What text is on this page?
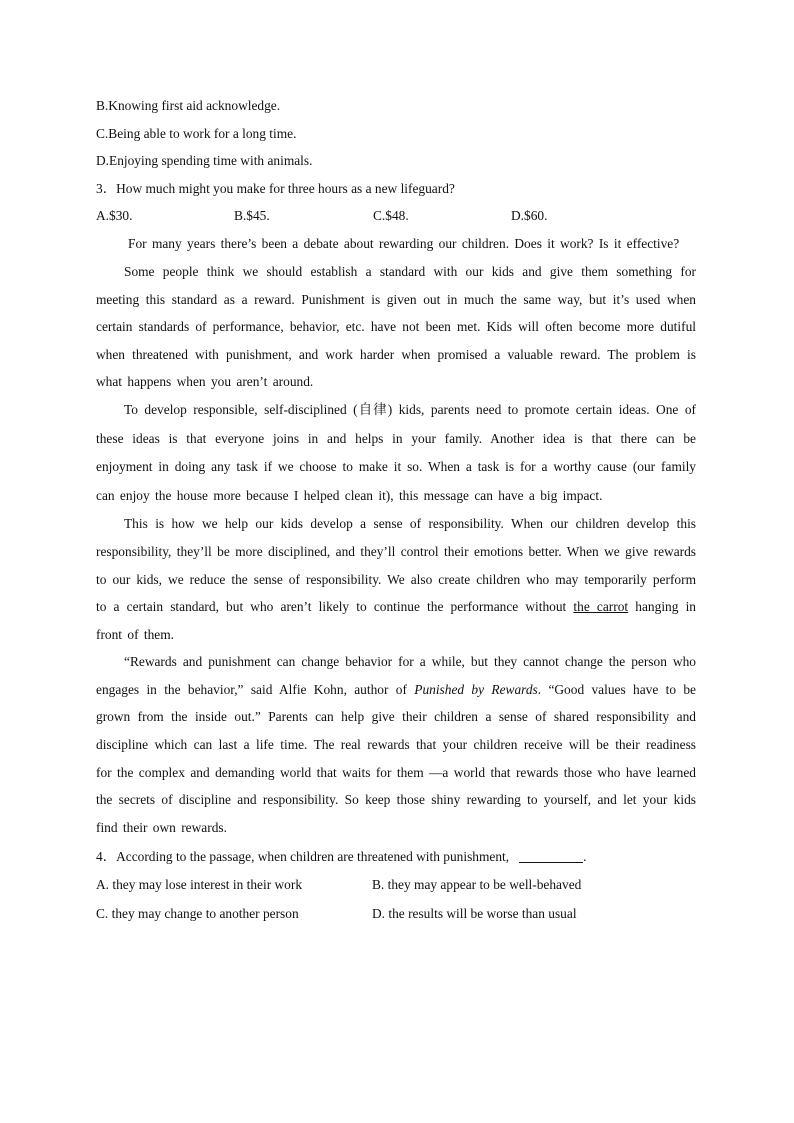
B.Knowing first aid acknowledge.
C.Being able to work for a long time.
D.Enjoying spending time with animals.
3．How much might you make for three hours as a new lifeguard?
A.$30.	B.$45.	C.$48.	D.$60.

For many years there’s been a debate about rewarding our children. Does it work? Is it effective?

Some people think we should establish a standard with our kids and give them something for meeting this standard as a reward. Punishment is given out in much the same way, but it’s used when certain standards of performance, behavior, etc. have not been met. Kids will often become more dutiful when threatened with punishment, and work harder when promised a valuable reward. The problem is what happens when you aren’t around.

To develop responsible, self-disciplined (自律) kids, parents need to promote certain ideas. One of these ideas is that everyone joins in and helps in your family. Another idea is that there can be enjoyment in doing any task if we choose to make it so. When a task is for a worthy cause (our family can enjoy the house more because I helped clean it), this message can have a big impact.

This is how we help our kids develop a sense of responsibility. When our children develop this responsibility, they’ll be more disciplined, and they’ll control their emotions better. When we give rewards to our kids, we reduce the sense of responsibility. We also create children who may temporarily perform to a certain standard, but who aren’t likely to continue the performance without the carrot hanging in front of them.

“Rewards and punishment can change behavior for a while, but they cannot change the person who engages in the behavior,” said Alfie Kohn, author of Punished by Rewards. “Good values have to be grown from the inside out.” Parents can help give their children a sense of shared responsibility and discipline which can last a life time. The real rewards that your children receive will be their readiness for the complex and demanding world that waits for them —a world that rewards those who have learned the secrets of discipline and responsibility. So keep those shiny rewarding to yourself, and let your kids find their own rewards.

4．According to the passage, when children are threatened with punishment,	.
A. they may lose interest in their work	B. they may appear to be well-behaved
C. they may change to another person	D. the results will be worse than usual
